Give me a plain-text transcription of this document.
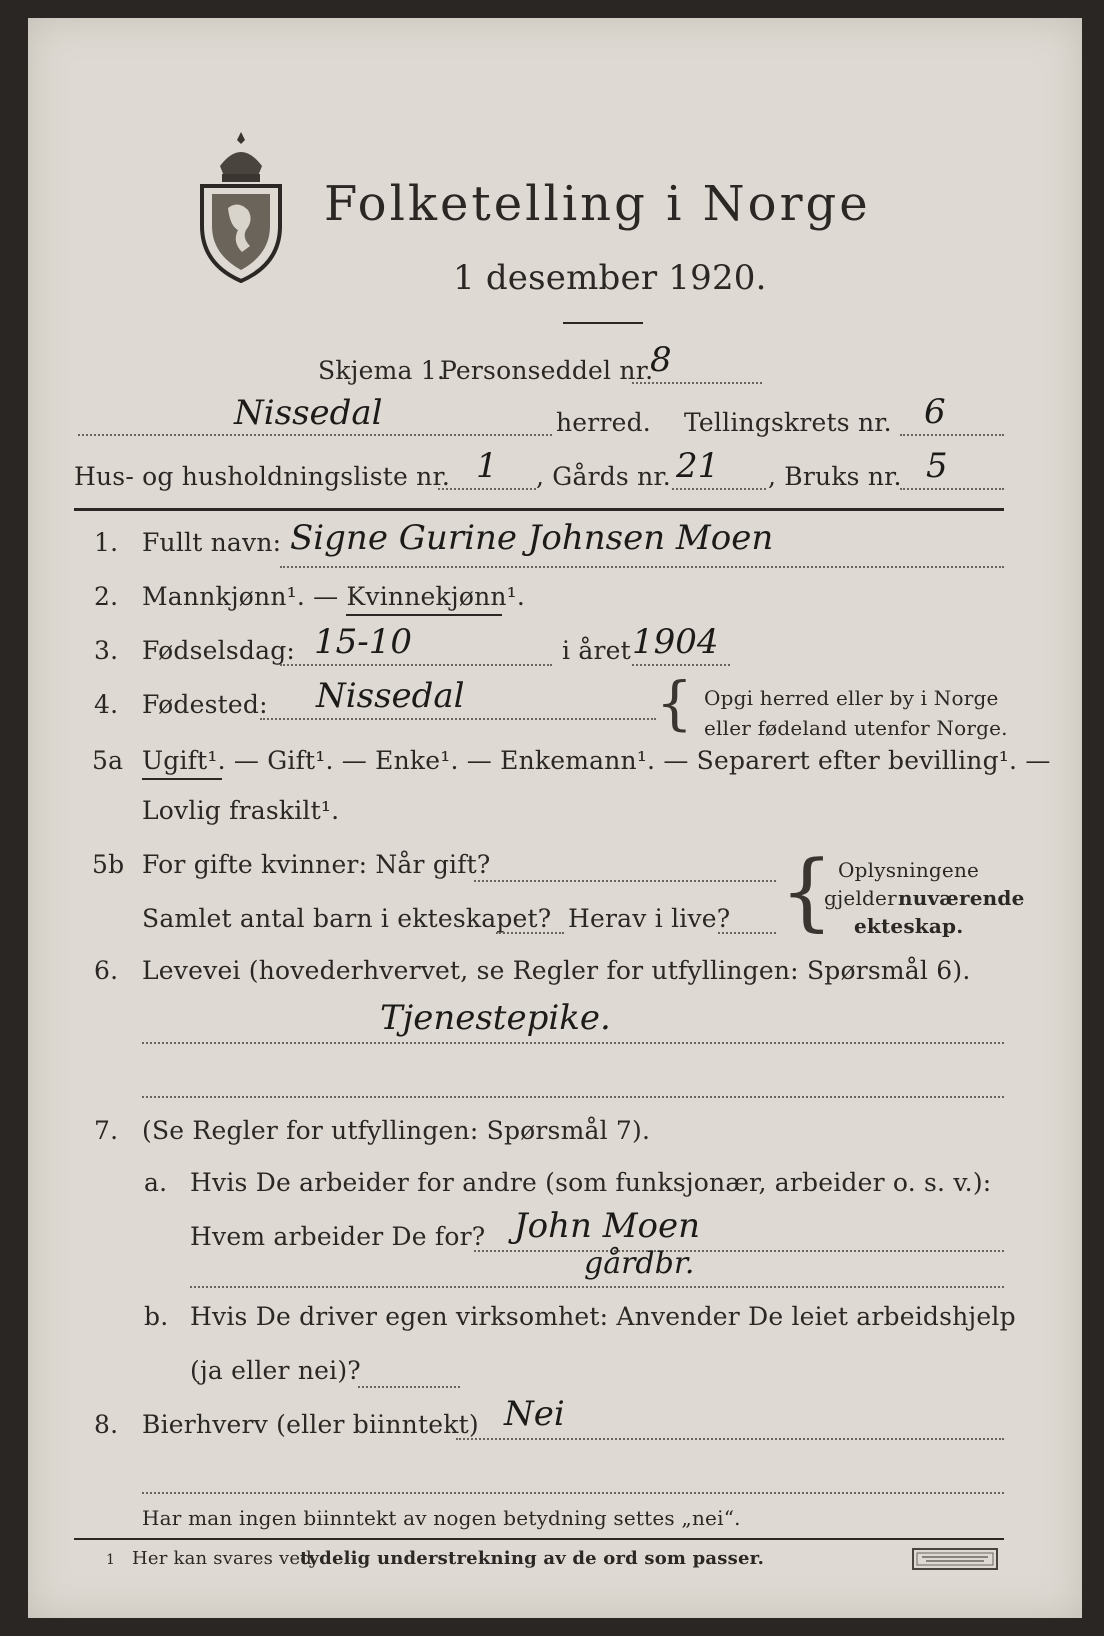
Folketelling i Norge
1 desember 1920.
Skjema 1.
Personseddel nr.
8
Nissedal	herred. Tellingskrets nr. 6
Hus- og husholdningsliste nr. 1 , Gårds nr. 21 , Bruks nr. 5
1. Fullt navn: Signe Gurine Johnsen Moen
2. Mannkjønn¹. — Kvinnekjønn¹.
3. Fødselsdag: 15-10	i året 1904
4. Fødested: Nissedal	{ Opgi herred eller by i Norge
eller fødeland utenfor Norge.
5a Ugift¹. — Gift¹. — Enke¹. — Enkemann¹. — Separert efter bevilling¹. —
Lovlig fraskilt¹.
5b For gifte kvinner: Når gift?
Samlet antal barn i ekteskapet? Herav i live? { Oplysningene
gjelder nuværende
ekteskap.
6. Levevei (hovederhvervet, se Regler for utfyllingen: Spørsmål 6).
Tjenestepike.
7. (Se Regler for utfyllingen: Spørsmål 7).
a. Hvis De arbeider for andre (som funksjonær, arbeider o. s. v.):
Hvem arbeider De for? John Moen
gårdbr.
b. Hvis De driver egen virksomhet: Anvender De leiet arbeidshjelp
(ja eller nei)?
8. Bierhverv (eller biinntekt) Nei
Har man ingen biinntekt av nogen betydning settes „nei“.
1 Her kan svares ved
tydelig understrekning av de ord som passer.
